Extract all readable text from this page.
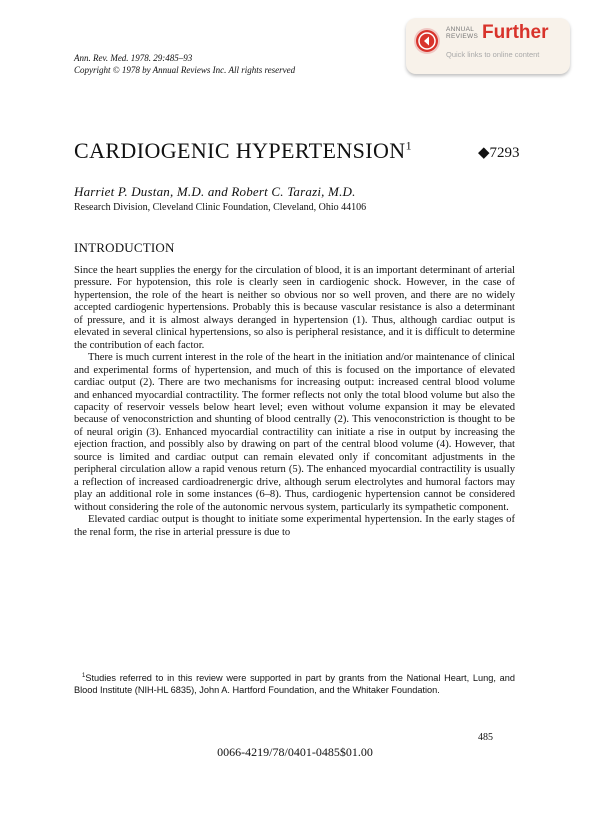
Ann. Rev. Med. 1978. 29:485–93
Copyright © 1978 by Annual Reviews Inc. All rights reserved
ANNUAL
REVIEWS Further
Quick links to online content
CARDIOGENIC HYPERTENSION$^1$	◆7293
Harriet P. Dustan, M.D. and Robert C. Tarazi, M.D.
Research Division, Cleveland Clinic Foundation, Cleveland, Ohio 44106
INTRODUCTION

Since the heart supplies the energy for the circulation of blood, it is an important determinant of arterial pressure. For hypotension, this role is clearly seen in cardiogenic shock. However, in the case of hypertension, the role of the heart is neither so obvious nor so well proven, and there are no widely accepted cardiogenic hypertensions. Probably this is because vascular resistance is also a determinant of pressure, and it is almost always deranged in hypertension (1). Thus, although cardiac output is elevated in several clinical hypertensions, so also is peripheral resistance, and it is difficult to determine the contribution of each factor.

There is much current interest in the role of the heart in the initiation and/or maintenance of clinical and experimental forms of hypertension, and much of this is focused on the importance of elevated cardiac output (2). There are two mechanisms for increasing output: increased central blood volume and enhanced myocardial contractility. The former reflects not only the total blood volume but also the capacity of reservoir vessels below heart level; even without volume expansion it may be elevated because of venoconstriction and shunting of blood centrally (2). This venoconstriction is thought to be of neural origin (3). Enhanced myocardial contractility can initiate a rise in output by increasing the ejection fraction, and possibly also by drawing on part of the central blood volume (4). However, that source is limited and cardiac output can remain elevated only if concomitant adjustments in the peripheral circulation allow a rapid venous return (5). The enhanced myocardial contractility is usually a reflection of increased cardioadrenergic drive, although serum electrolytes and humoral factors may play an additional role in some instances (6–8). Thus, cardiogenic hypertension cannot be considered without considering the role of the autonomic nervous system, particularly its sympathetic component.

Elevated cardiac output is thought to initiate some experimental hypertension. In the early stages of the renal form, the rise in arterial pressure is due to

$^1$Studies referred to in this review were supported in part by grants from the National Heart, Lung, and Blood Institute (NIH-HL 6835), John A. Hartford Foundation, and the Whitaker Foundation.
485
0066-4219/78/0401-0485$01.00
